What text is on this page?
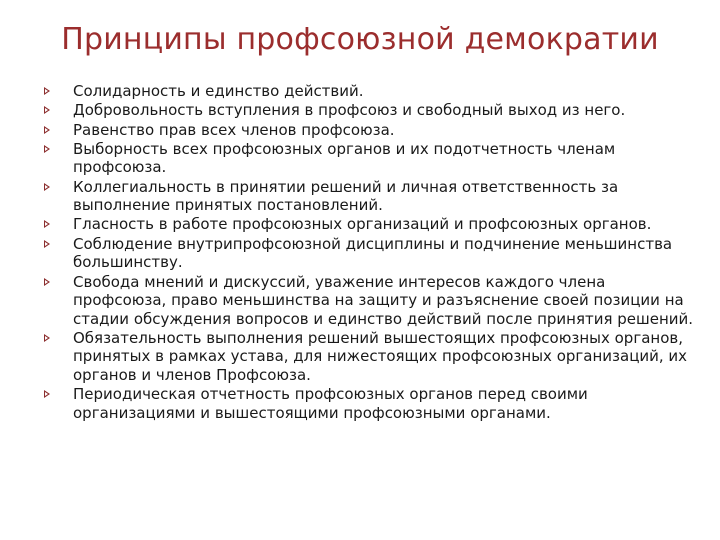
Принципы профсоюзной демократии
Солидарность и единство действий.
Добровольность вступления в профсоюз и свободный выход из него.
Равенство прав всех членов профсоюза.
Выборность всех профсоюзных органов и их подотчетность членам профсоюза.
Коллегиальность в принятии решений и личная ответственность за выполнение принятых постановлений.
Гласность в работе профсоюзных организаций и профсоюзных органов.
Соблюдение внутрипрофсоюзной дисциплины и подчинение меньшинства большинству.
Свобода мнений и дискуссий, уважение интересов каждого члена профсоюза, право меньшинства на защиту и разъяснение своей позиции на стадии обсуждения вопросов и единство действий после принятия решений.
Обязательность выполнения решений вышестоящих профсоюзных органов, принятых в рамках устава, для нижестоящих профсоюзных организаций, их органов и членов Профсоюза.
Периодическая отчетность профсоюзных органов перед своими организациями и вышестоящими профсоюзными органами.
